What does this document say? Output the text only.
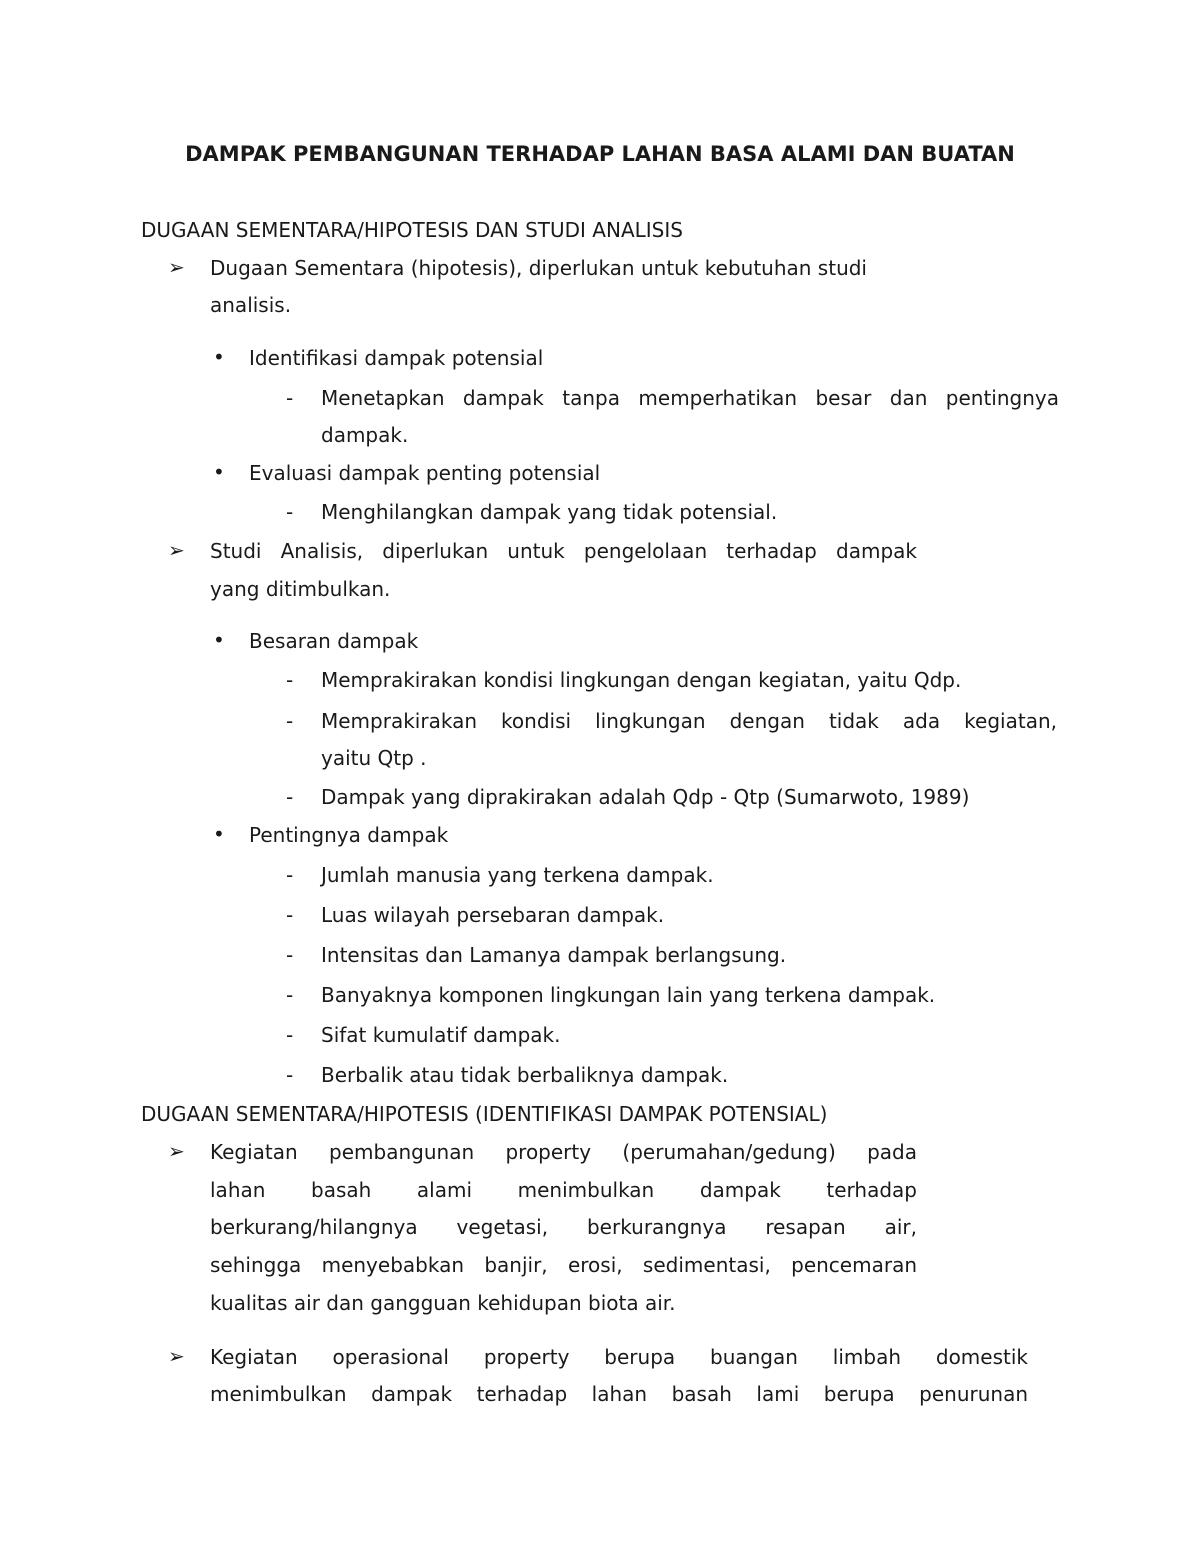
DAMPAK PEMBANGUNAN TERHADAP LAHAN BASA ALAMI DAN BUATAN
DUGAAN SEMENTARA/HIPOTESIS DAN STUDI ANALISIS
➢ Dugaan Sementara (hipotesis), diperlukan untuk kebutuhan studi
analisis.
• Identifikasi dampak potensial
- Menetapkan dampak tanpa memperhatikan besar dan pentingnya
dampak.
• Evaluasi dampak penting potensial
- Menghilangkan dampak yang tidak potensial.
➢ Studi Analisis, diperlukan untuk pengelolaan terhadap dampak
yang ditimbulkan.
• Besaran dampak
- Memprakirakan kondisi lingkungan dengan kegiatan, yaitu Qdp.
- Memprakirakan kondisi lingkungan dengan tidak ada kegiatan,
yaitu Qtp .
- Dampak yang diprakirakan adalah Qdp - Qtp (Sumarwoto, 1989)
• Pentingnya dampak
- Jumlah manusia yang terkena dampak.
- Luas wilayah persebaran dampak.
- Intensitas dan Lamanya dampak berlangsung.
- Banyaknya komponen lingkungan lain yang terkena dampak.
- Sifat kumulatif dampak.
- Berbalik atau tidak berbaliknya dampak.
DUGAAN SEMENTARA/HIPOTESIS (IDENTIFIKASI DAMPAK POTENSIAL)
➢ Kegiatan pembangunan property (perumahan/gedung) pada
lahan basah alami menimbulkan dampak terhadap
berkurang/hilangnya vegetasi, berkurangnya resapan air,
sehingga menyebabkan banjir, erosi, sedimentasi, pencemaran
kualitas air dan gangguan kehidupan biota air.
➢ Kegiatan operasional property berupa buangan limbah domestik
menimbulkan dampak terhadap lahan basah lami berupa penurunan
